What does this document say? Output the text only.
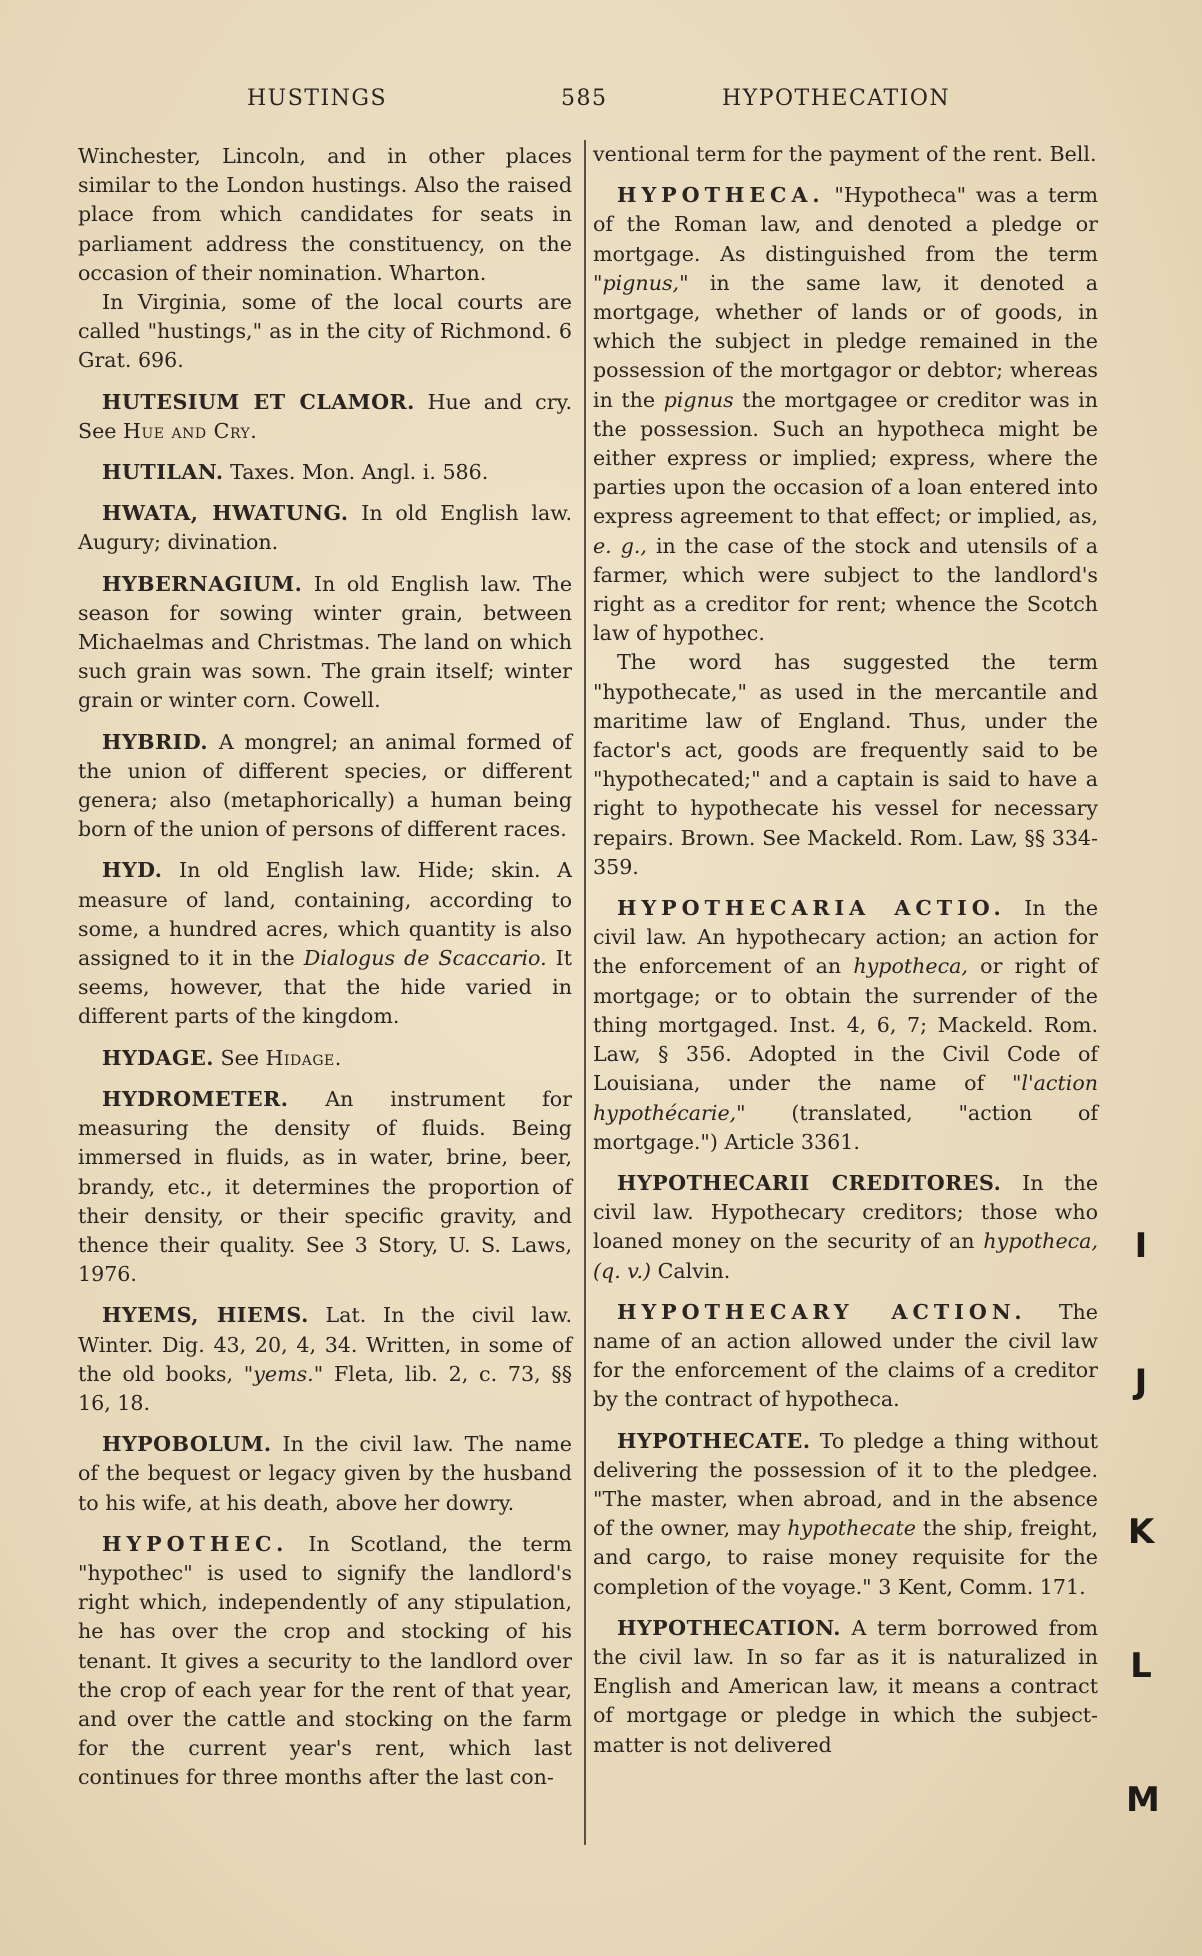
HUSTINGS	585	HYPOTHECATION

Winchester, Lincoln, and in other places similar to the London hustings. Also the raised place from which candidates for seats in parliament address the constituency, on the occasion of their nomination. Wharton.

In Virginia, some of the local courts are called "hustings," as in the city of Richmond. 6 Grat. 696.

HUTESIUM ET CLAMOR. Hue and cry. See Hue and Cry.

HUTILAN. Taxes. Mon. Angl. i. 586.

HWATA, HWATUNG. In old English law. Augury; divination.

HYBERNAGIUM. In old English law. The season for sowing winter grain, between Michaelmas and Christmas. The land on which such grain was sown. The grain itself; winter grain or winter corn. Cowell.

HYBRID. A mongrel; an animal formed of the union of different species, or different genera; also (metaphorically) a human being born of the union of persons of different races.

HYD. In old English law. Hide; skin. A measure of land, containing, according to some, a hundred acres, which quantity is also assigned to it in the Dialogus de Scaccario. It seems, however, that the hide varied in different parts of the kingdom.

HYDAGE. See Hidage.

HYDROMETER. An instrument for measuring the density of fluids. Being immersed in fluids, as in water, brine, beer, brandy, etc., it determines the proportion of their density, or their specific gravity, and thence their quality. See 3 Story, U. S. Laws, 1976.

HYEMS, HIEMS. Lat. In the civil law. Winter. Dig. 43, 20, 4, 34. Written, in some of the old books, "yems." Fleta, lib. 2, c. 73, §§ 16, 18.

HYPOBOLUM. In the civil law. The name of the bequest or legacy given by the husband to his wife, at his death, above her dowry.

HYPOTHEC. In Scotland, the term "hypothec" is used to signify the landlord's right which, independently of any stipulation, he has over the crop and stocking of his tenant. It gives a security to the landlord over the crop of each year for the rent of that year, and over the cattle and stocking on the farm for the current year's rent, which last continues for three months after the last con-

ventional term for the payment of the rent. Bell.

HYPOTHECA. "Hypotheca" was a term of the Roman law, and denoted a pledge or mortgage. As distinguished from the term "pignus," in the same law, it denoted a mortgage, whether of lands or of goods, in which the subject in pledge remained in the possession of the mortgagor or debtor; whereas in the pignus the mortgagee or creditor was in the possession. Such an hypotheca might be either express or implied; express, where the parties upon the occasion of a loan entered into express agreement to that effect; or implied, as, e. g., in the case of the stock and utensils of a farmer, which were subject to the landlord's right as a creditor for rent; whence the Scotch law of hypothec.

The word has suggested the term "hypothecate," as used in the mercantile and maritime law of England. Thus, under the factor's act, goods are frequently said to be "hypothecated;" and a captain is said to have a right to hypothecate his vessel for necessary repairs. Brown. See Mackeld. Rom. Law, §§ 334-359.

HYPOTHECARIA ACTIO. In the civil law. An hypothecary action; an action for the enforcement of an hypotheca, or right of mortgage; or to obtain the surrender of the thing mortgaged. Inst. 4, 6, 7; Mackeld. Rom. Law, § 356. Adopted in the Civil Code of Louisiana, under the name of "l'action hypothécarie," (translated, "action of mortgage.") Article 3361.

HYPOTHECARII CREDITORES. In the civil law. Hypothecary creditors; those who loaned money on the security of an hypotheca, (q. v.) Calvin.

HYPOTHECARY ACTION. The name of an action allowed under the civil law for the enforcement of the claims of a creditor by the contract of hypotheca.

HYPOTHECATE. To pledge a thing without delivering the possession of it to the pledgee. "The master, when abroad, and in the absence of the owner, may hypothecate the ship, freight, and cargo, to raise money requisite for the completion of the voyage." 3 Kent, Comm. 171.

HYPOTHECATION. A term borrowed from the civil law. In so far as it is naturalized in English and American law, it means a contract of mortgage or pledge in which the subject-matter is not delivered

I
J
K
L
M
